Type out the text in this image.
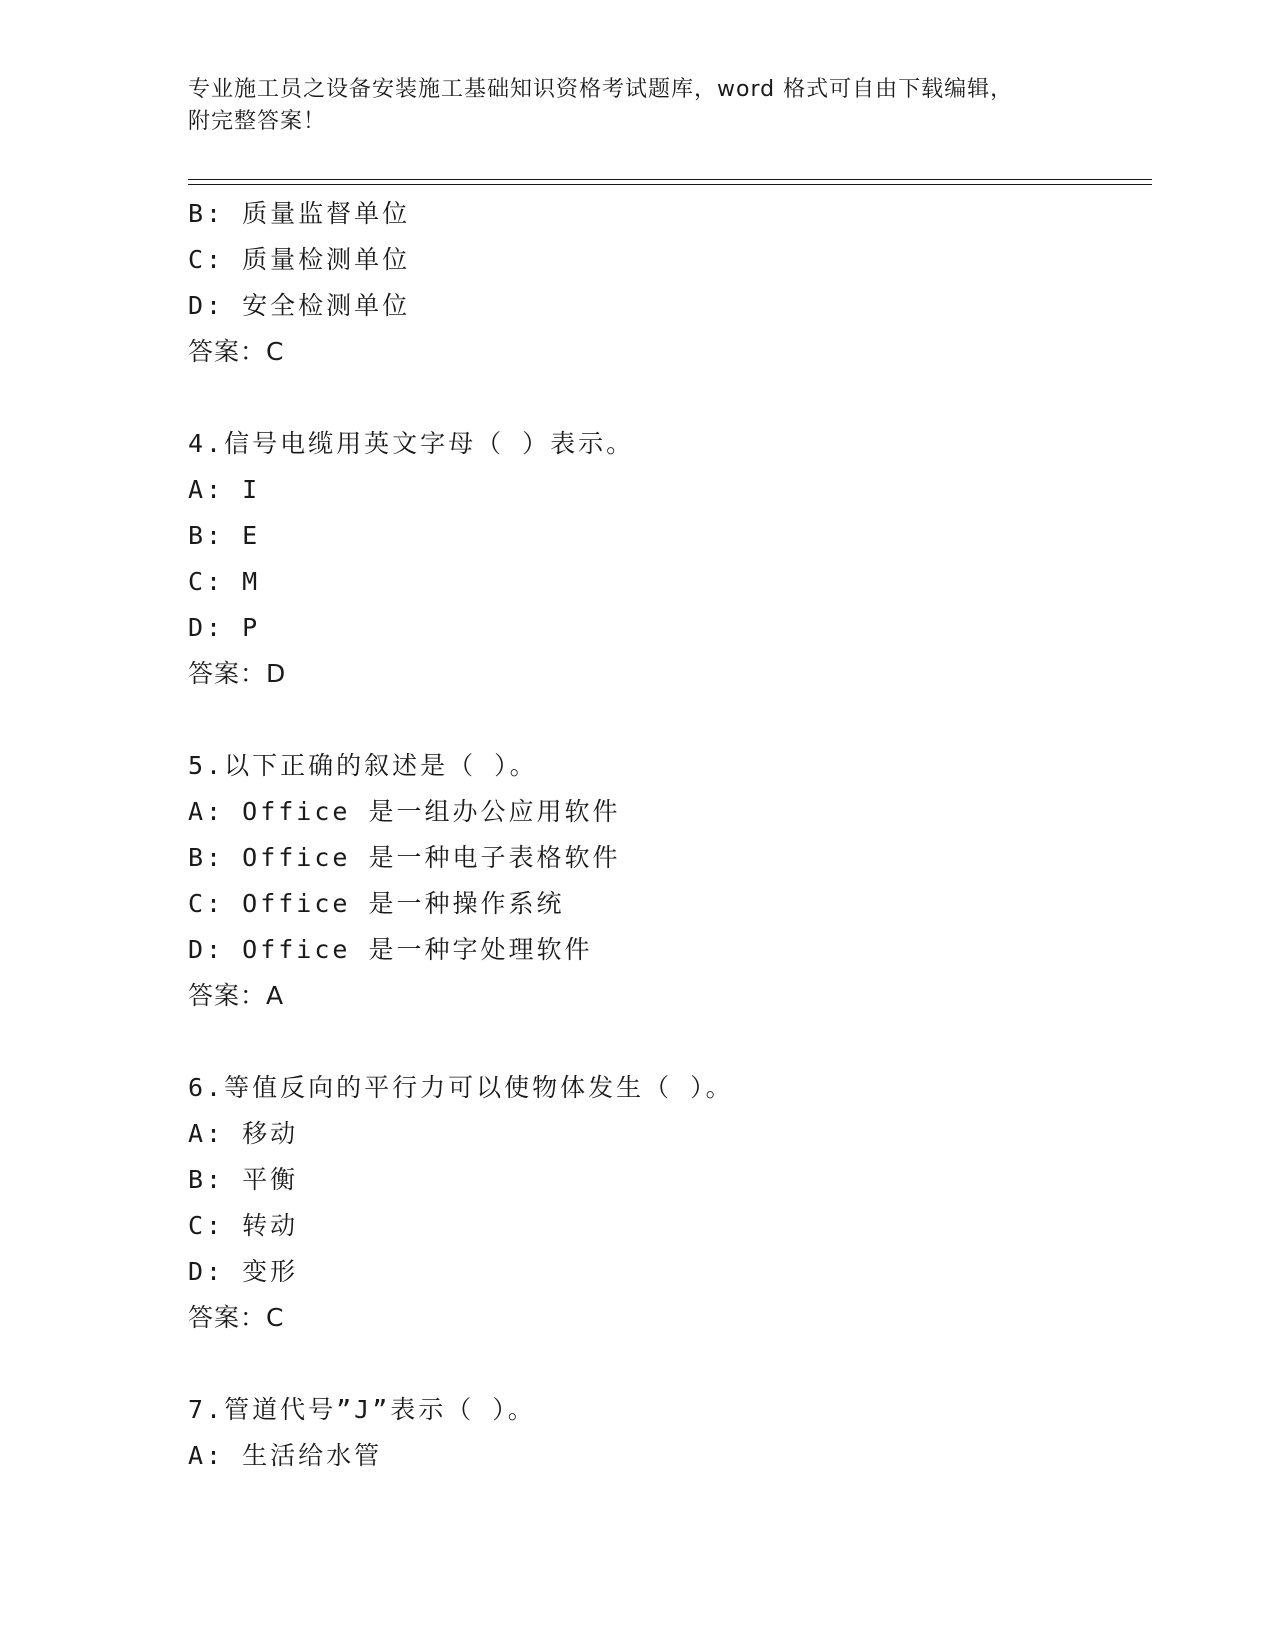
专业施工员之设备安装施工基础知识资格考试题库，word 格式可自由下载编辑，
附完整答案！
B: 质量监督单位
C: 质量检测单位
D: 安全检测单位
答案：C
4.信号电缆用英文字母（ ）表示。
A: I
B: E
C: M
D: P
答案：D
5.以下正确的叙述是（ ）。
A: Office 是一组办公应用软件
B: Office 是一种电子表格软件
C: Office 是一种操作系统
D: Office 是一种字处理软件
答案：A
6.等值反向的平行力可以使物体发生（ ）。
A: 移动
B: 平衡
C: 转动
D: 变形
答案：C
7.管道代号”J”表示（ ）。
A: 生活给水管
